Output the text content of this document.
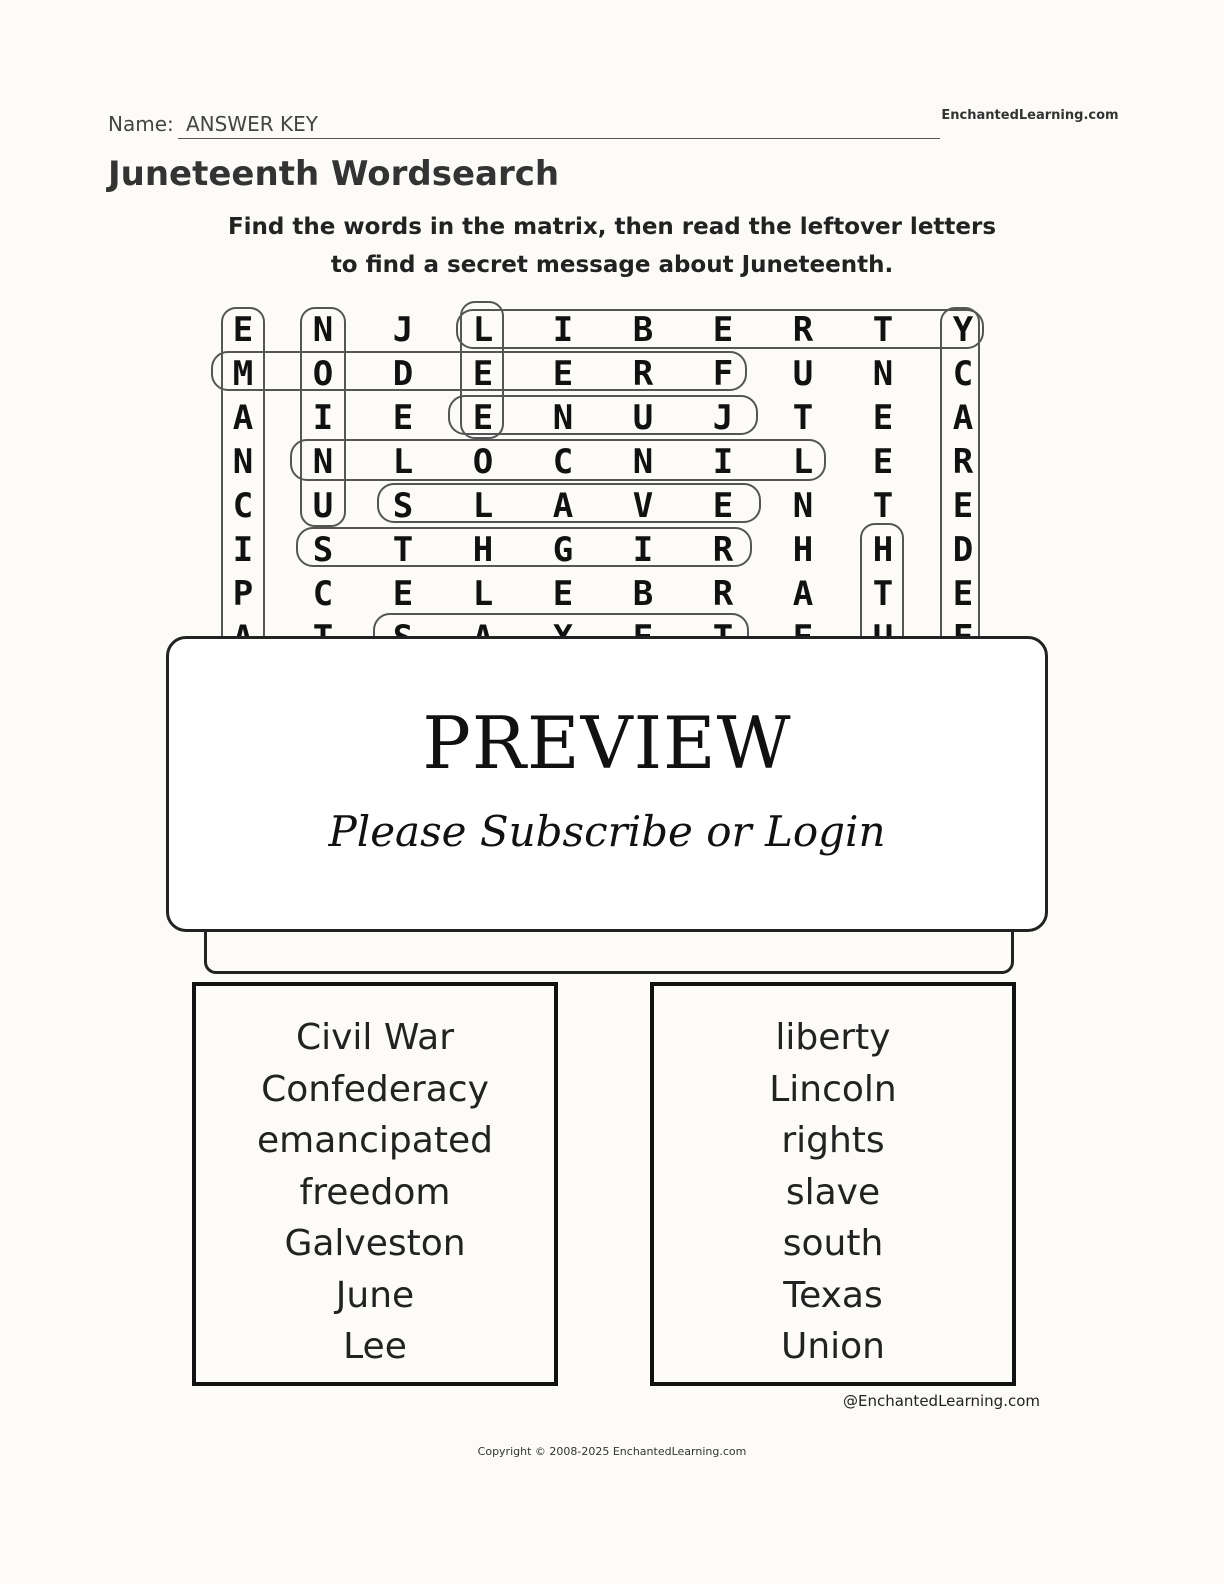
Name: ANSWER KEY	EnchantedLearning.com
Juneteenth Wordsearch
Find the words in the matrix, then read the leftover letters
to find a secret message about Juneteenth.
E N J L I B E R T Y
M O D E E R F U N C
A I E E N U J T E A
N N L O C N I L E R
C U S L A V E N T E
I S T H G I R H H D
P C E L E B R A T E
PREVIEW
Please Subscribe or Login
Civil War
Confederacy
emancipated
freedom
Galveston
June
Lee
liberty
Lincoln
rights
slave
south
Texas
Union
@EnchantedLearning.com
Copyright © 2008-2025 EnchantedLearning.com
